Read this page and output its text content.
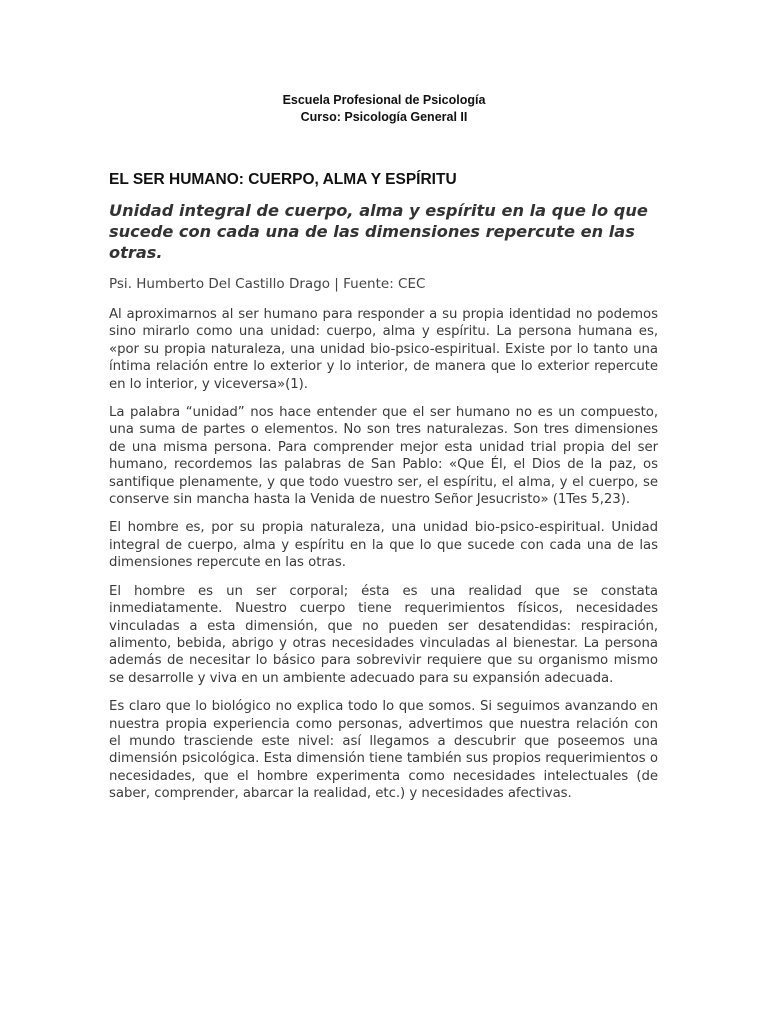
Escuela Profesional de Psicología
Curso: Psicología General II
EL SER HUMANO: CUERPO, ALMA Y ESPÍRITU
Unidad integral de cuerpo, alma y espíritu en la que lo que sucede con cada una de las dimensiones repercute en las otras.
Psi. Humberto Del Castillo Drago | Fuente: CEC

Al aproximarnos al ser humano para responder a su propia identidad no podemos sino mirarlo como una unidad: cuerpo, alma y espíritu. La persona humana es, «por su propia naturaleza, una unidad bio-psico-espiritual. Existe por lo tanto una íntima relación entre lo exterior y lo interior, de manera que lo exterior repercute en lo interior, y viceversa»(1).

La palabra “unidad” nos hace entender que el ser humano no es un compuesto, una suma de partes o elementos. No son tres naturalezas. Son tres dimensiones de una misma persona. Para comprender mejor esta unidad trial propia del ser humano, recordemos las palabras de San Pablo: «Que Él, el Dios de la paz, os santifique plenamente, y que todo vuestro ser, el espíritu, el alma, y el cuerpo, se conserve sin mancha hasta la Venida de nuestro Señor Jesucristo» (1Tes 5,23).

El hombre es, por su propia naturaleza, una unidad bio-psico-espiritual. Unidad integral de cuerpo, alma y espíritu en la que lo que sucede con cada una de las dimensiones repercute en las otras.

El hombre es un ser corporal; ésta es una realidad que se constata inmediatamente. Nuestro cuerpo tiene requerimientos físicos, necesidades vinculadas a esta dimensión, que no pueden ser desatendidas: respiración, alimento, bebida, abrigo y otras necesidades vinculadas al bienestar. La persona además de necesitar lo básico para sobrevivir requiere que su organismo mismo se desarrolle y viva en un ambiente adecuado para su expansión adecuada.

Es claro que lo biológico no explica todo lo que somos. Si seguimos avanzando en nuestra propia experiencia como personas, advertimos que nuestra relación con el mundo trasciende este nivel: así llegamos a descubrir que poseemos una dimensión psicológica. Esta dimensión tiene también sus propios requerimientos o necesidades, que el hombre experimenta como necesidades intelectuales (de saber, comprender, abarcar la realidad, etc.) y necesidades afectivas.
